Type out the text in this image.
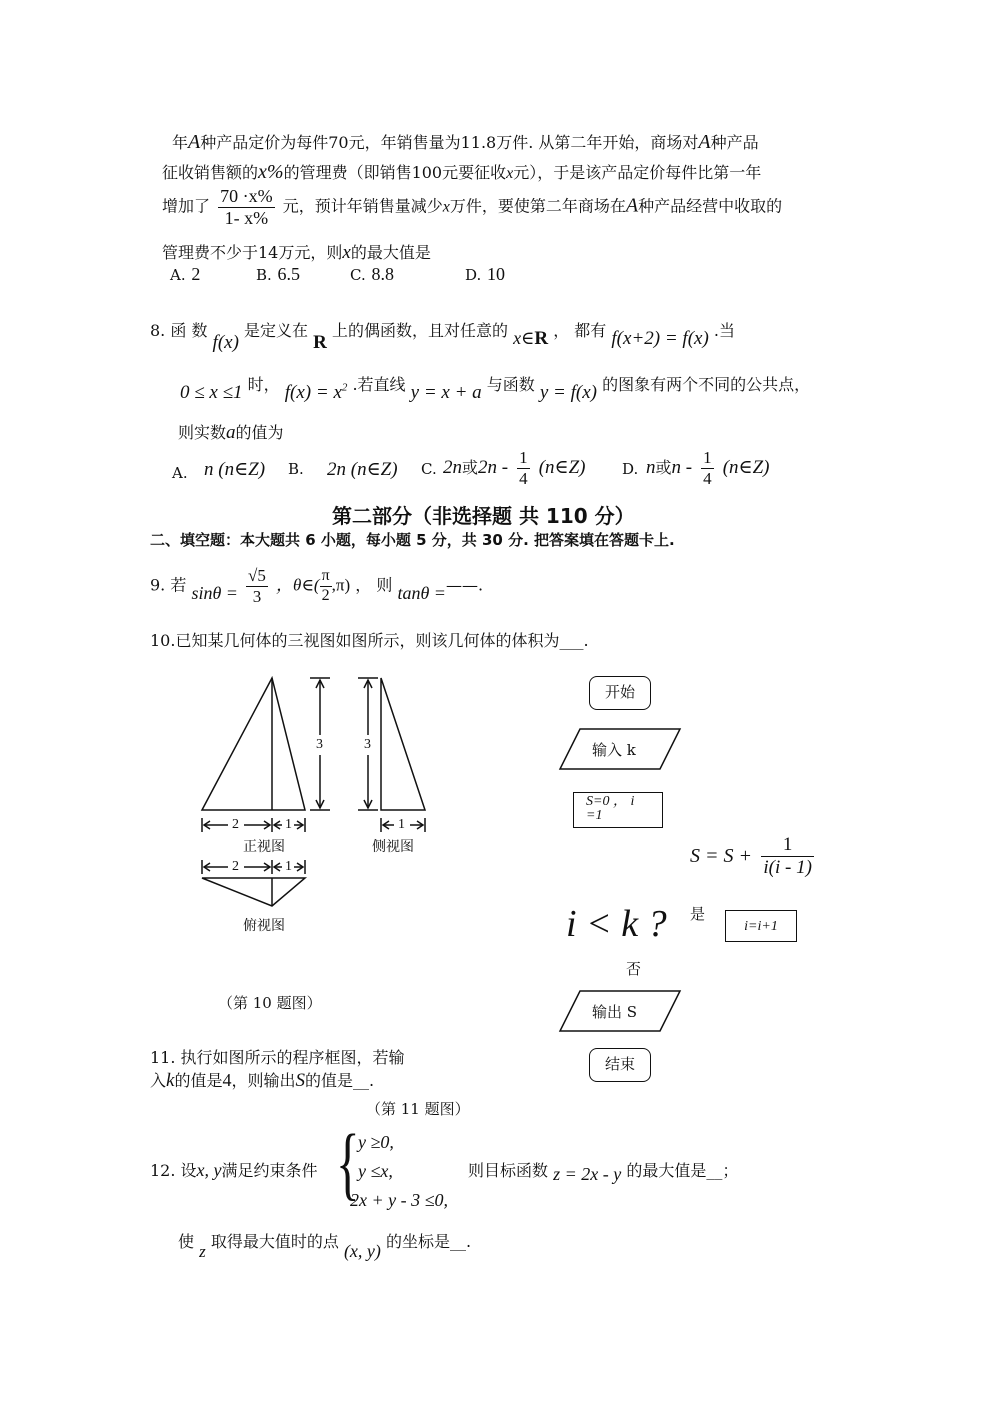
年A种产品定价为每件70元，年销售量为11.8万件. 从第二年开始，商场对A种产品
征收销售额的x%的管理费（即销售100元要征收x元），于是该产品定价每件比第一年
增加了 $\frac{70 \cdot x\%}{1- x\%}$ 元，预计年销售量减少x万件，要使第二年商场在A种产品经营中收取的
管理费不少于14万元，则x的最大值是
A. 2	B. 6.5	C. 8.8	D. 10
8. 函 数 f(x) 是定义在 R 上的偶函数，且对任意的 x∈R ， 都有 f(x+2) = f(x) .当
0 ≤ x ≤1 时， $f(x) = x^2$ .若直线 y = x + a 与函数 y = f(x) 的图象有两个不同的公共点，
则实数a的值为
A. n (n∈Z) B. 2n (n∈Z) C. 2n或$2n - \frac{1}{4}$ (n∈Z) D. n或n - $\frac{1}{4}$ (n∈Z)
第二部分（非选择题 共 110 分）
二、填空题：本大题共 6 小题，每小题 5 分，共 30 分. 把答案填在答题卡上.
9. 若 $\sin\theta = \frac{√5}{3}$ ，θ∈( $\frac{\pi}{2} ,\pi$) ， 则 tanθ =——.
10.已知某几何体的三视图如图所示，则该几何体的体积为___.
3	3
2	1	1
2	1
正视图	侧视图
俯视图
（第 10 题图）
开始
输入 k
S=0 ， i
=1
$S = S + \frac{1}{i(i - 1)}$
i < k ? 是
i=i+1
否
输出 S
结束
11. 执行如图所示的程序框图，若输
入k的值是4，则输出S的值是__.
（第 11 题图）
12. 设x, y满足约束条件 {
y ≥0,
y ≤x,
2x + y - 3 ≤0,
则目标函数 z = 2x - y 的最大值是__；
使 z 取得最大值时的点 (x, y) 的坐标是__.
